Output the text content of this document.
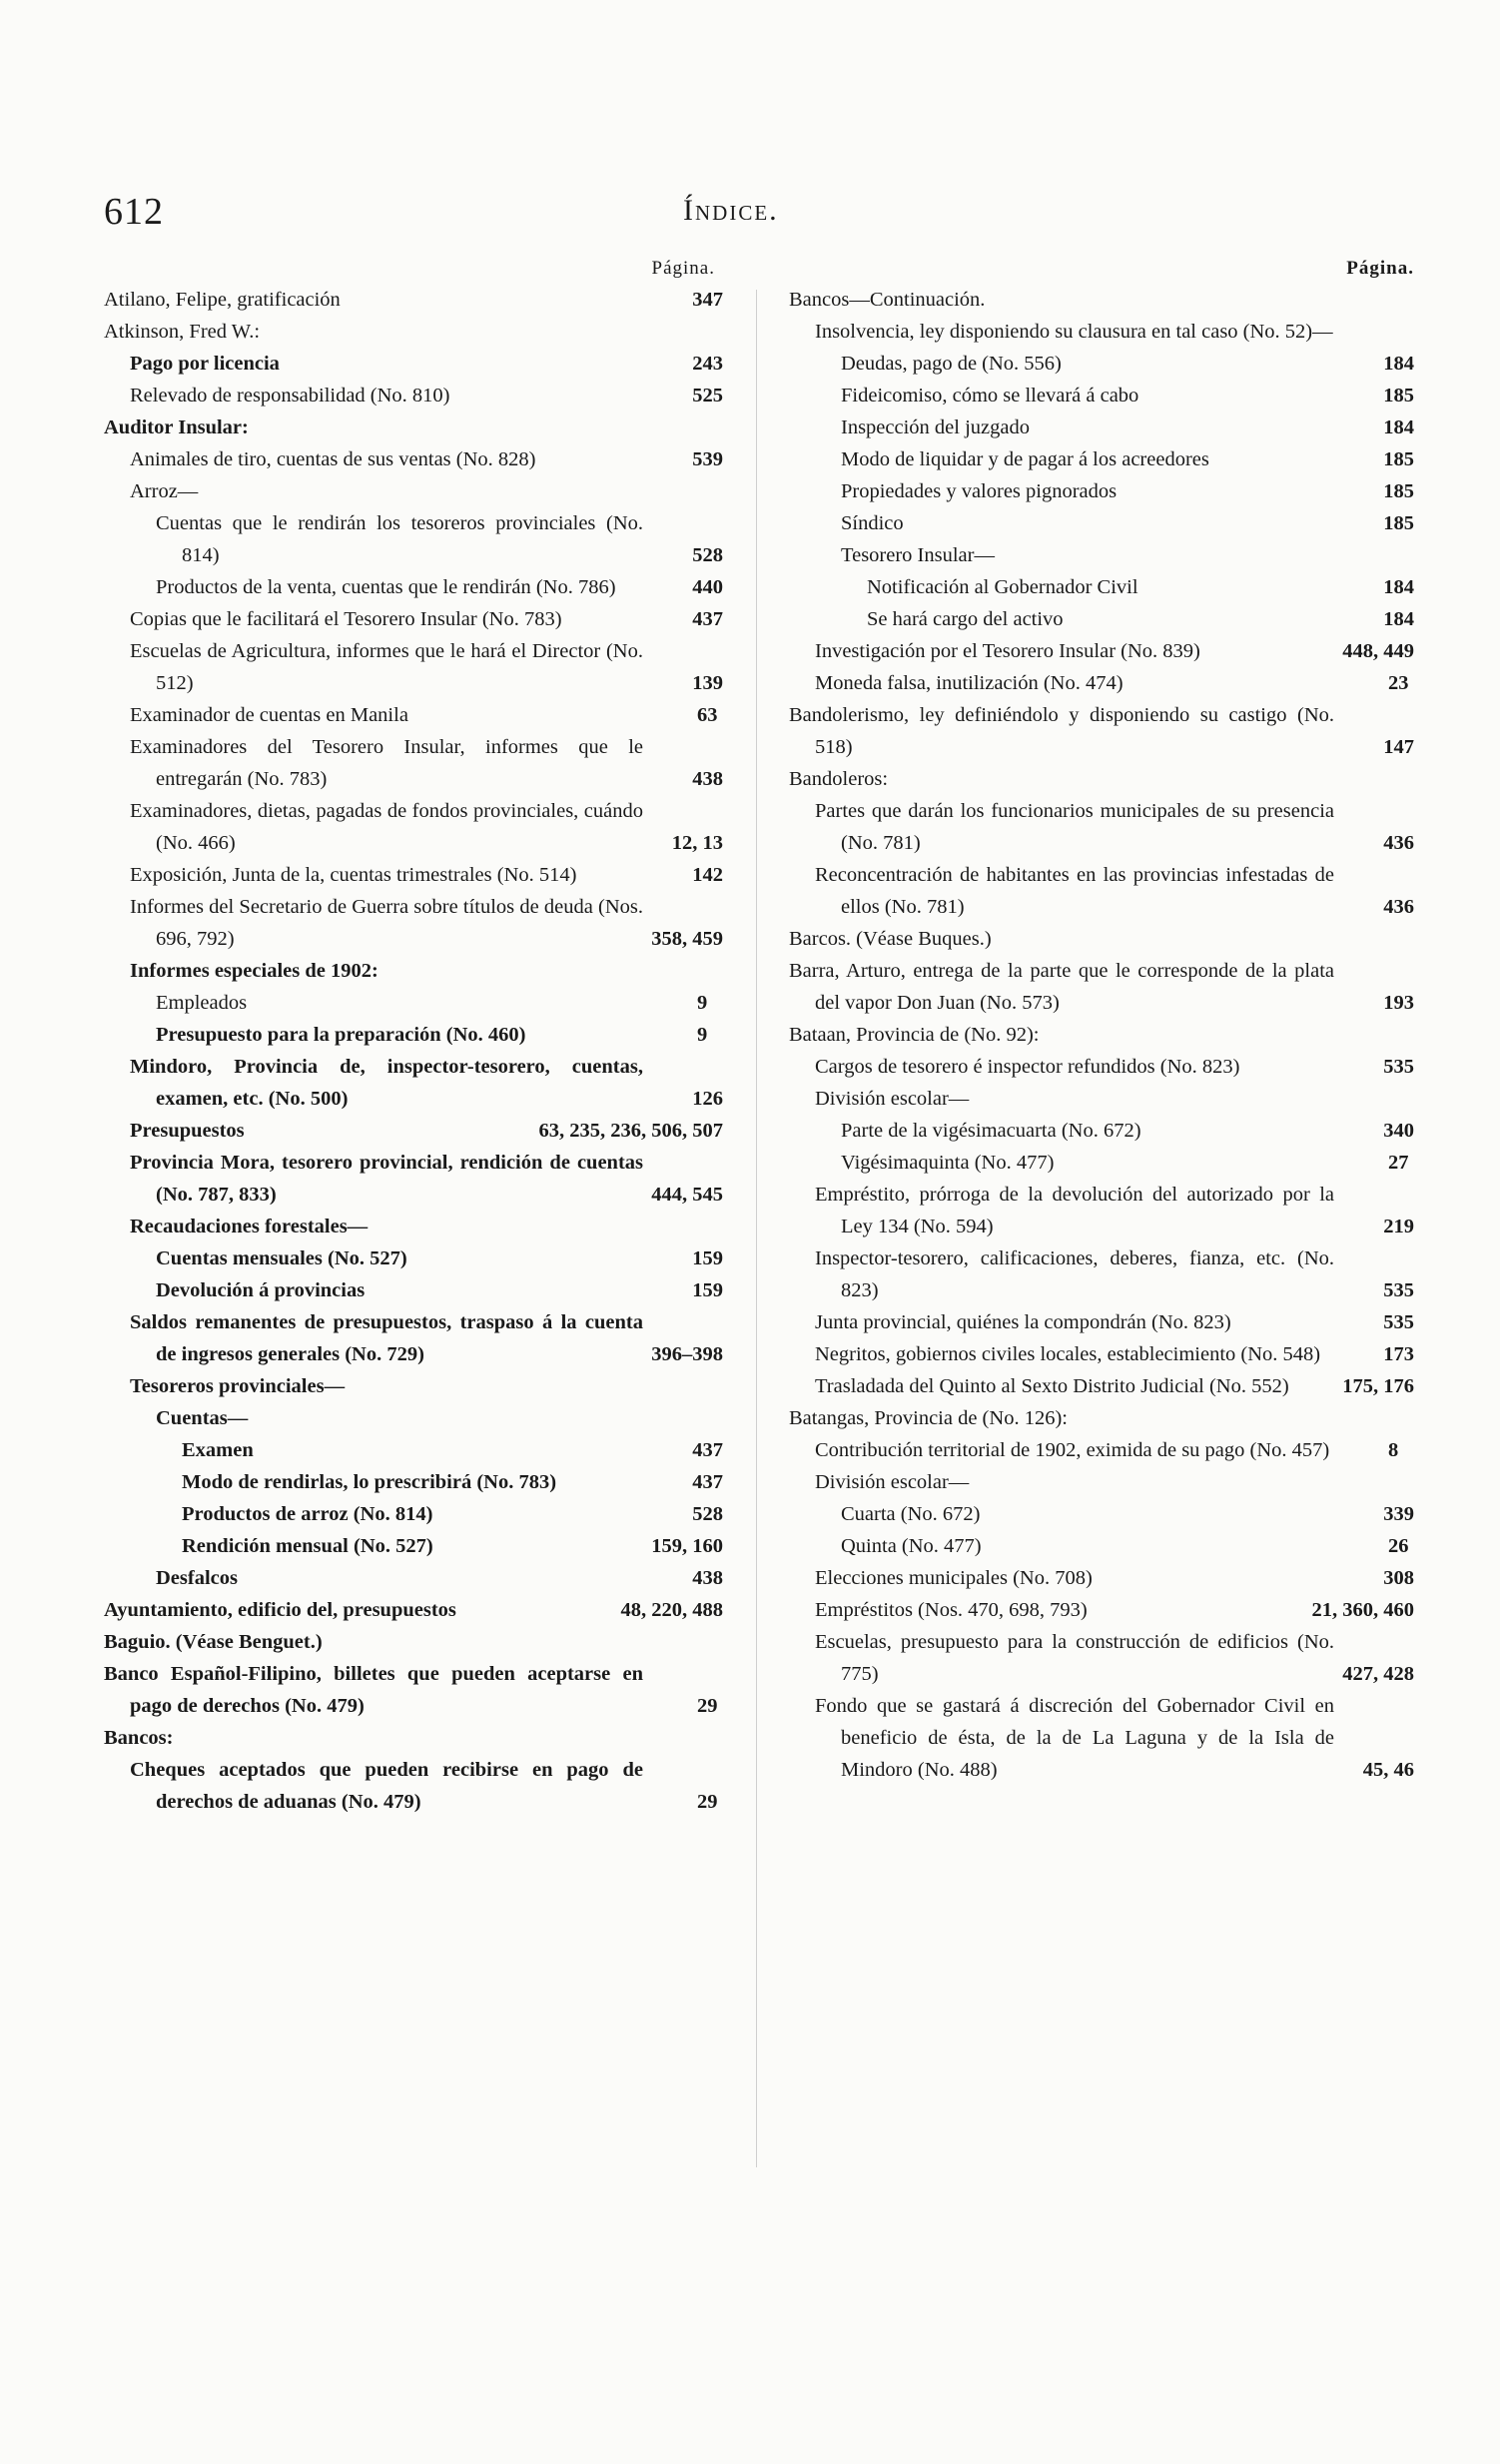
612	Índice.
Página.
Atilano, Felipe, gratificación	347
Atkinson, Fred W.:
Pago por licencia	243
Relevado de responsabilidad (No. 810)	525
Auditor Insular:
Animales de tiro, cuentas de sus ventas (No. 828)	539
Arroz—
Cuentas que le rendirán los tesoreros provinciales (No. 814)	528
Productos de la venta, cuentas que le rendirán (No. 786)	440
Copias que le facilitará el Tesorero Insular (No. 783)	437
Escuelas de Agricultura, informes que le hará el Director (No. 512)	139
Examinador de cuentas en Manila	63
Examinadores del Tesorero Insular, informes que le entregarán (No. 783)	438
Examinadores, dietas, pagadas de fondos provinciales, cuándo (No. 466)	12, 13
Exposición, Junta de la, cuentas trimestrales (No. 514)	142
Informes del Secretario de Guerra sobre títulos de deuda (Nos. 696, 792)	358, 459
Informes especiales de 1902:
Empleados	9
Presupuesto para la preparación (No. 460)	9
Mindoro, Provincia de, inspector-tesorero, cuentas, examen, etc. (No. 500)	126
Presupuestos	63, 235, 236, 506, 507
Provincia Mora, tesorero provincial, rendición de cuentas (No. 787, 833)	444, 545
Recaudaciones forestales—
Cuentas mensuales (No. 527)	159
Devolución á provincias	159
Saldos remanentes de presupuestos, traspaso á la cuenta de ingresos generales (No. 729)	396–398
Tesoreros provinciales—
Cuentas—
Examen	437
Modo de rendirlas, lo prescribirá (No. 783)	437
Productos de arroz (No. 814)	528
Rendición mensual (No. 527)	159, 160
Desfalcos	438
Ayuntamiento, edificio del, presupuestos	48, 220, 488
Baguio. (Véase Benguet.)
Banco Español-Filipino, billetes que pueden aceptarse en pago de derechos (No. 479)	29
Bancos:
Cheques aceptados que pueden recibirse en pago de derechos de aduanas (No. 479)	29
Página.
Bancos—Continuación.
Insolvencia, ley disponiendo su clausura en tal caso (No. 52)—
Deudas, pago de (No. 556)	184
Fideicomiso, cómo se llevará á cabo	185
Inspección del juzgado	184
Modo de liquidar y de pagar á los acreedores	185
Propiedades y valores pignorados	185
Síndico	185
Tesorero Insular—
Notificación al Gobernador Civil	184
Se hará cargo del activo	184
Investigación por el Tesorero Insular (No. 839)	448, 449
Moneda falsa, inutilización (No. 474)	23
Bandolerismo, ley definiéndolo y disponiendo su castigo (No. 518)	147
Bandoleros:
Partes que darán los funcionarios municipales de su presencia (No. 781)	436
Reconcentración de habitantes en las provincias infestadas de ellos (No. 781)	436
Barcos. (Véase Buques.)
Barra, Arturo, entrega de la parte que le corresponde de la plata del vapor Don Juan (No. 573)	193
Bataan, Provincia de (No. 92):
Cargos de tesorero é inspector refundidos (No. 823)	535
División escolar—
Parte de la vigésimacuarta (No. 672)	340
Vigésimaquinta (No. 477)	27
Empréstito, prórroga de la devolución del autorizado por la Ley 134 (No. 594)	219
Inspector-tesorero, calificaciones, deberes, fianza, etc. (No. 823)	535
Junta provincial, quiénes la compondrán (No. 823)	535
Negritos, gobiernos civiles locales, establecimiento (No. 548)	173
Trasladada del Quinto al Sexto Distrito Judicial (No. 552)	175, 176
Batangas, Provincia de (No. 126):
Contribución territorial de 1902, eximida de su pago (No. 457)	8
División escolar—
Cuarta (No. 672)	339
Quinta (No. 477)	26
Elecciones municipales (No. 708)	308
Empréstitos (Nos. 470, 698, 793)	21, 360, 460
Escuelas, presupuesto para la construcción de edificios (No. 775)	427, 428
Fondo que se gastará á discreción del Gobernador Civil en beneficio de ésta, de la de La Laguna y de la Isla de Mindoro (No. 488)	45, 46
